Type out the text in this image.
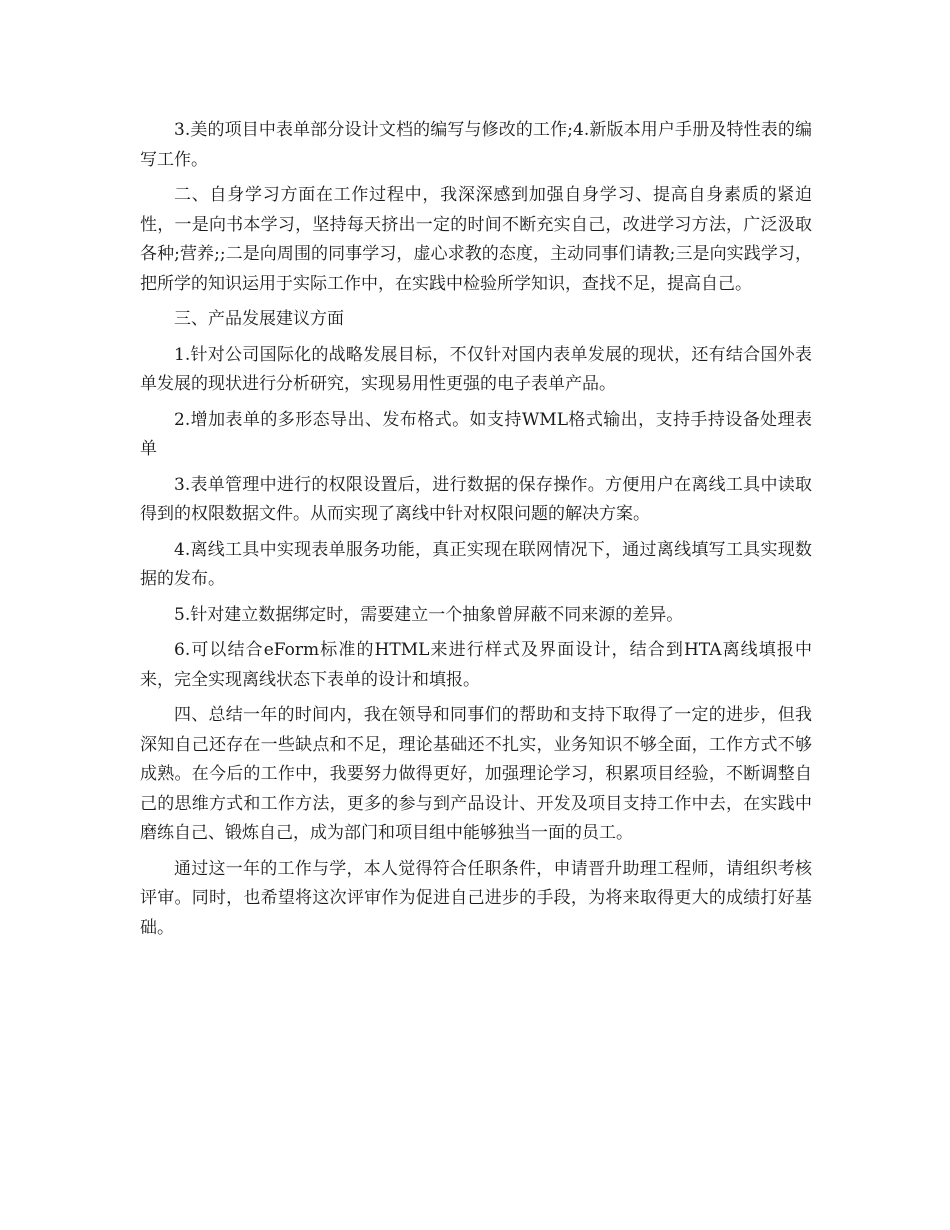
3.美的项目中表单部分设计文档的编写与修改的工作;4.新版本用户手册及特性表的编写工作。

二、自身学习方面在工作过程中，我深深感到加强自身学习、提高自身素质的紧迫性，一是向书本学习，坚持每天挤出一定的时间不断充实自己，改进学习方法，广泛汲取各种;营养;;二是向周围的同事学习，虚心求教的态度，主动同事们请教;三是向实践学习，把所学的知识运用于实际工作中，在实践中检验所学知识，查找不足，提高自己。

三、产品发展建议方面

1.针对公司国际化的战略发展目标，不仅针对国内表单发展的现状，还有结合国外表单发展的现状进行分析研究，实现易用性更强的电子表单产品。

2.增加表单的多形态导出、发布格式。如支持WML格式输出，支持手持设备处理表单

3.表单管理中进行的权限设置后，进行数据的保存操作。方便用户在离线工具中读取得到的权限数据文件。从而实现了离线中针对权限问题的解决方案。

4.离线工具中实现表单服务功能，真正实现在联网情况下，通过离线填写工具实现数据的发布。

5.针对建立数据绑定时，需要建立一个抽象曾屏蔽不同来源的差异。

6.可以结合eForm标准的HTML来进行样式及界面设计，结合到HTA离线填报中来，完全实现离线状态下表单的设计和填报。

四、总结一年的时间内，我在领导和同事们的帮助和支持下取得了一定的进步，但我深知自己还存在一些缺点和不足，理论基础还不扎实，业务知识不够全面，工作方式不够成熟。在今后的工作中，我要努力做得更好，加强理论学习，积累项目经验，不断调整自己的思维方式和工作方法，更多的参与到产品设计、开发及项目支持工作中去，在实践中磨练自己、锻炼自己，成为部门和项目组中能够独当一面的员工。

通过这一年的工作与学，本人觉得符合任职条件，申请晋升助理工程师，请组织考核评审。同时，也希望将这次评审作为促进自己进步的手段，为将来取得更大的成绩打好基础。
